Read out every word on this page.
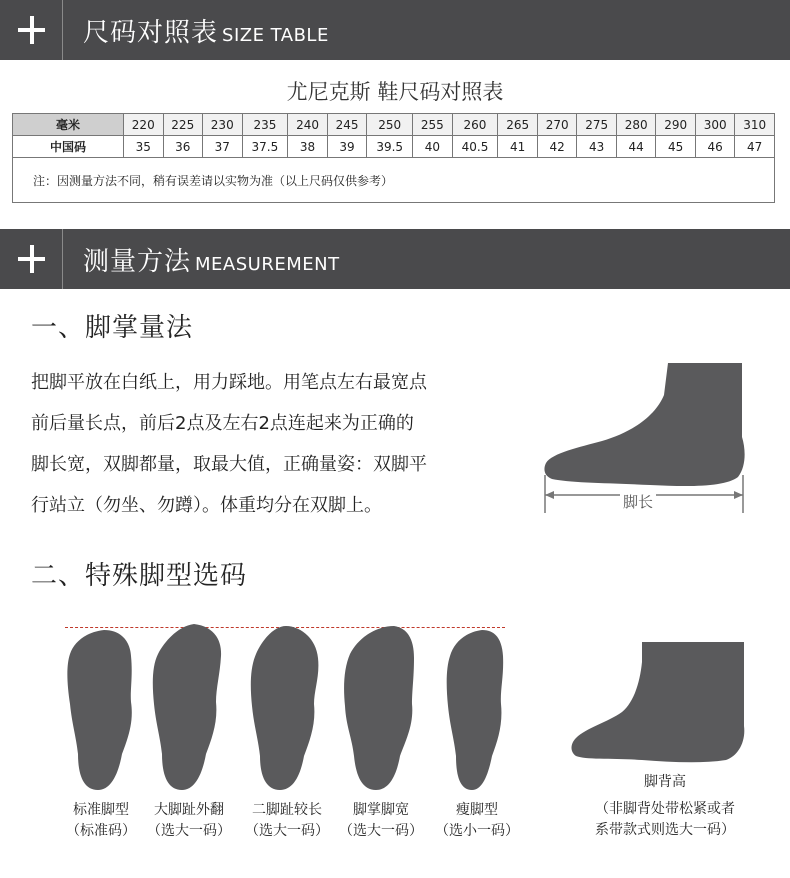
尺码对照表 SIZE TABLE
尤尼克斯 鞋尺码对照表
毫米	220	225	230	235	240	245	250	255	260	265	270	275	280	290	300	310
中国码	35	36	37	37.5	38	39	39.5	40	40.5	41	42	43	44	45	46	47
注：因测量方法不同，稍有误差请以实物为准（以上尺码仅供参考）																
测量方法 MEASUREMENT
一、脚掌量法
把脚平放在白纸上，用力踩地。用笔点左右最宽点
前后量长点，前后2点及左右2点连起来为正确的
脚长宽，双脚都量，取最大值，正确量姿：双脚平
行站立（勿坐、勿蹲）。体重均分在双脚上。	脚长
二、特殊脚型选码
标准脚型
（标准码）
大脚趾外翻
（选大一码）
二脚趾较长
（选大一码）
脚掌脚宽
（选大一码）
瘦脚型
（选小一码）
脚背高
（非脚背处带松紧或者
系带款式则选大一码）
